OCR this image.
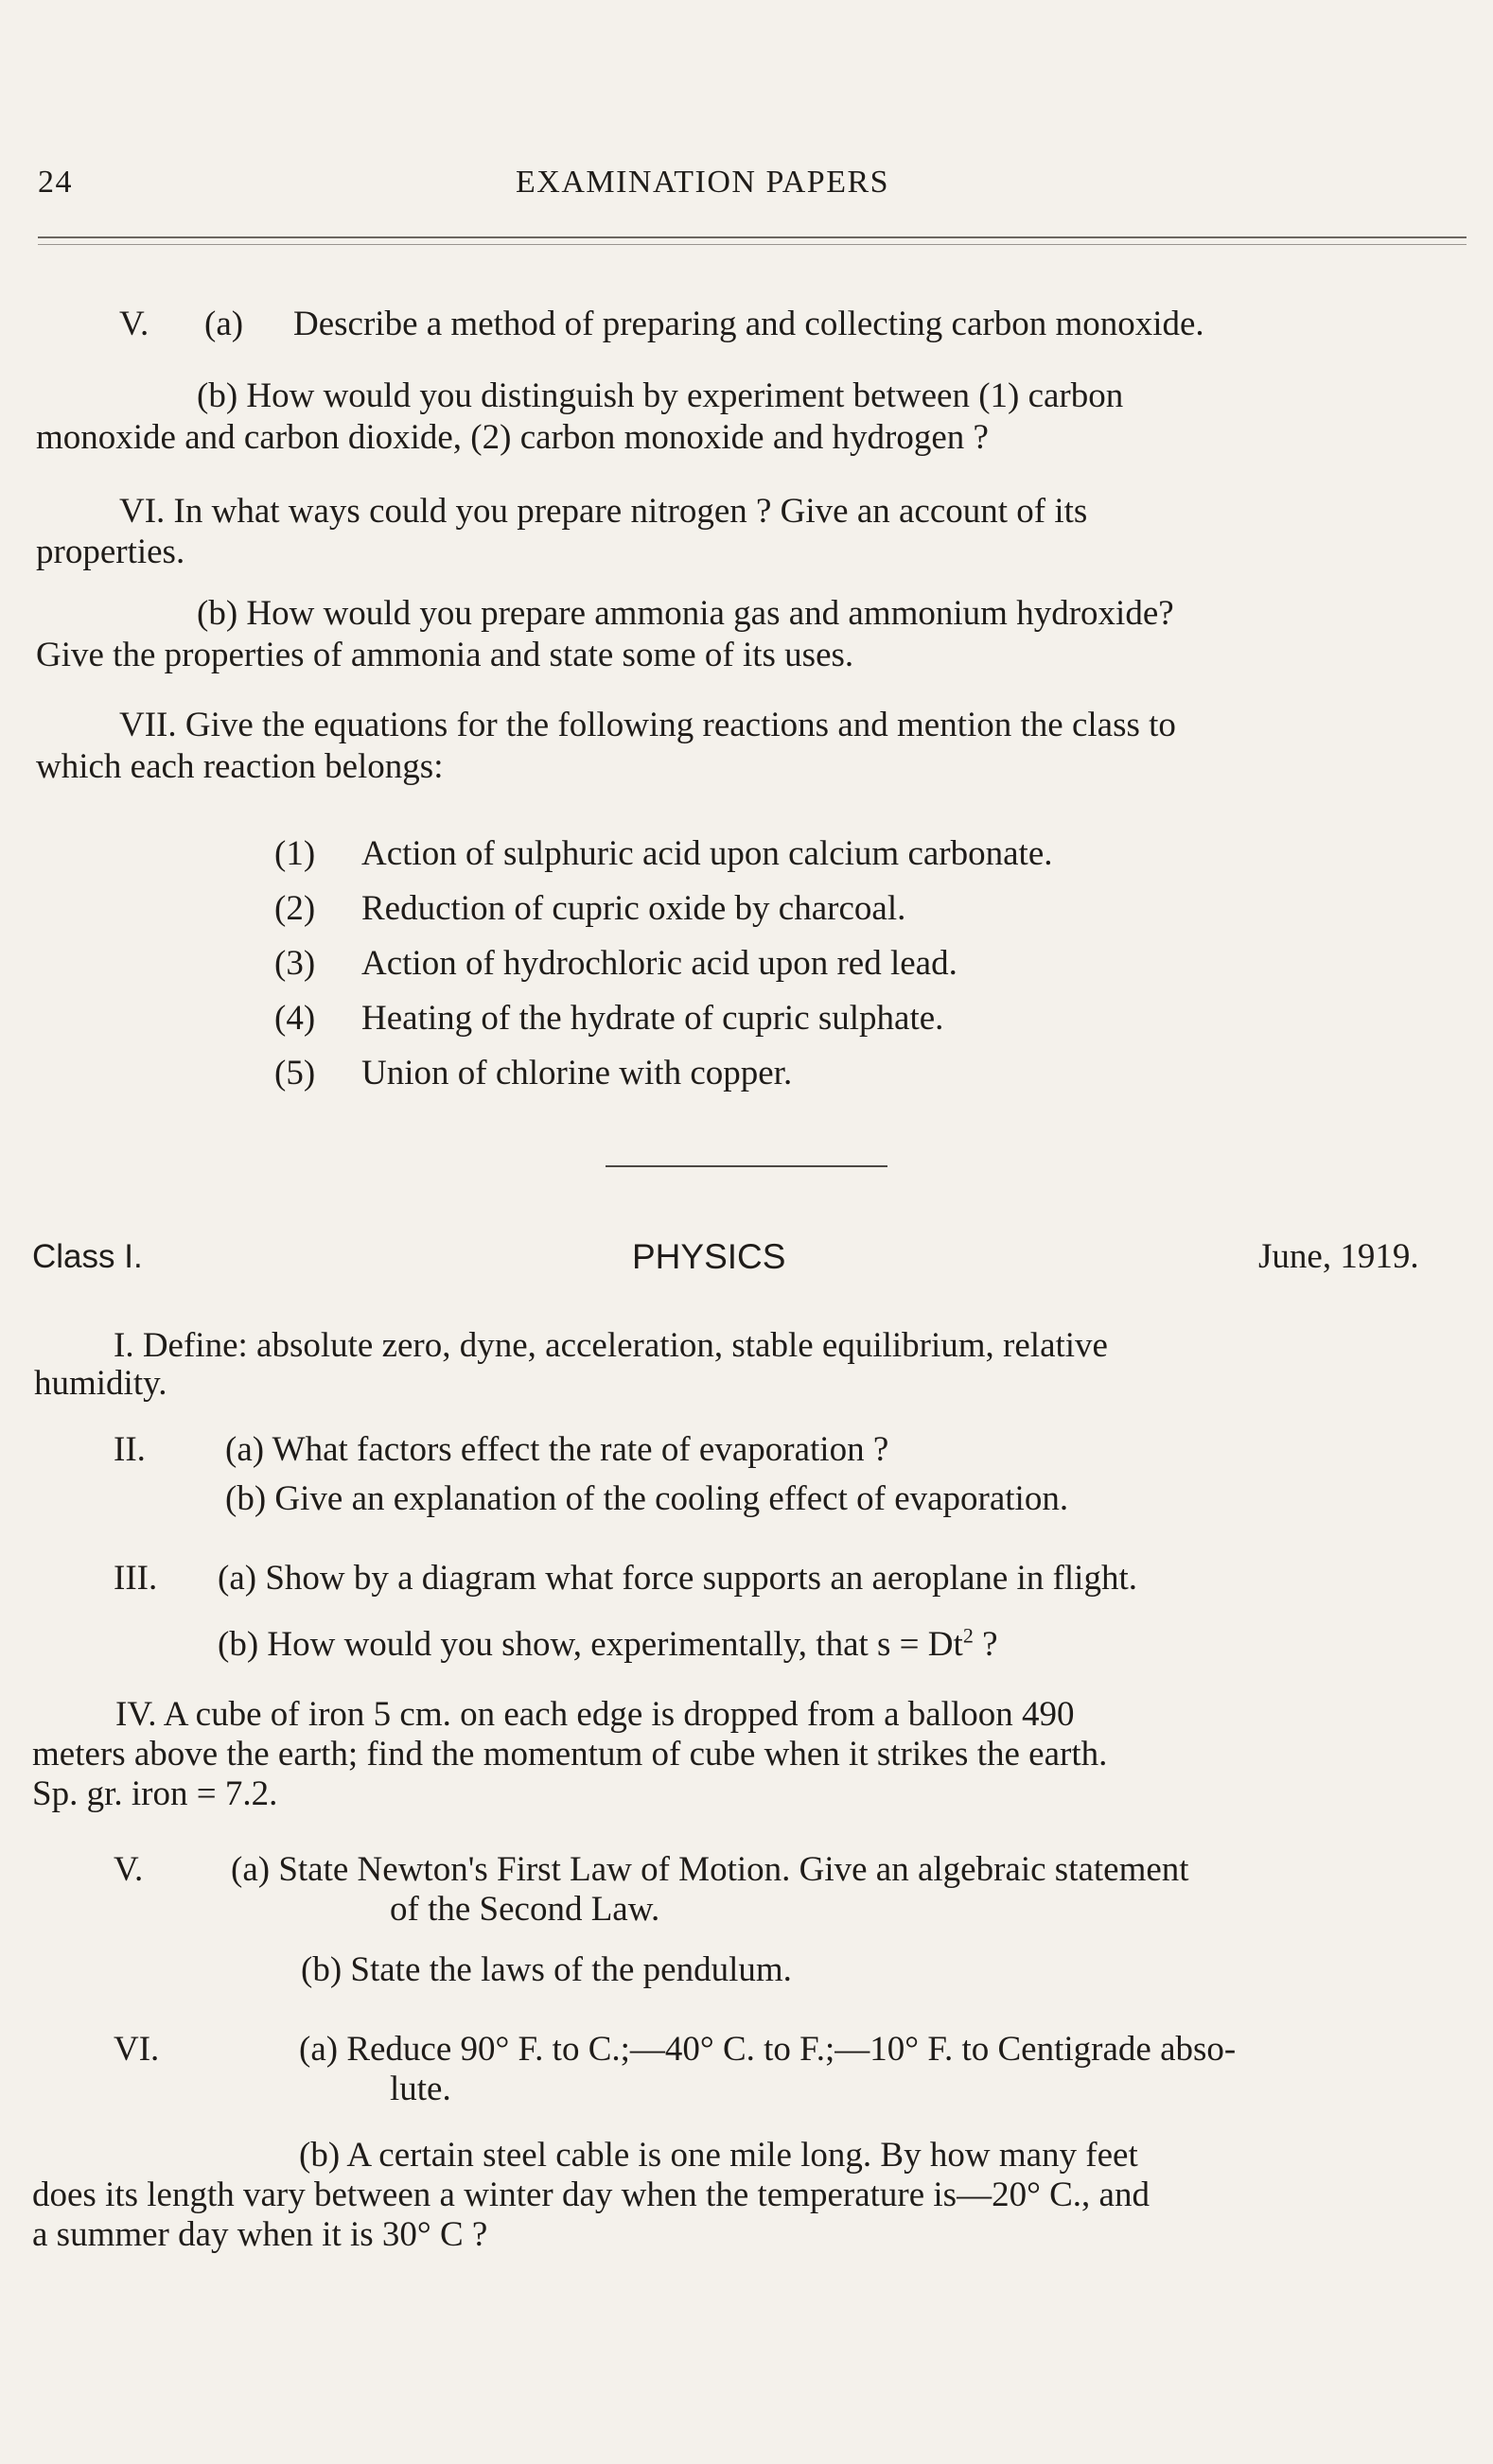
24	EXAMINATION PAPERS
V. (a) Describe a method of preparing and collecting carbon monoxide.
(b) How would you distinguish by experiment between (1) carbon
monoxide and carbon dioxide, (2) carbon monoxide and hydrogen ?
VI. In what ways could you prepare nitrogen ? Give an account of its
properties.
(b) How would you prepare ammonia gas and ammonium hydroxide?
Give the properties of ammonia and state some of its uses.
VII. Give the equations for the following reactions and mention the class to
which each reaction belongs:
(1) Action of sulphuric acid upon calcium carbonate.
(2) Reduction of cupric oxide by charcoal.
(3) Action of hydrochloric acid upon red lead.
(4) Heating of the hydrate of cupric sulphate.
(5) Union of chlorine with copper.
Class I.	PHYSICS	June, 1919.
I. Define: absolute zero, dyne, acceleration, stable equilibrium, relative
humidity.
II. (a) What factors effect the rate of evaporation ?
(b) Give an explanation of the cooling effect of evaporation.
III. (a) Show by a diagram what force supports an aeroplane in flight.
(b) How would you show, experimentally, that $s = Dt^2$ ?
IV. A cube of iron 5 cm. on each edge is dropped from a balloon 490
meters above the earth; find the momentum of cube when it strikes the earth.
Sp. gr. iron = 7.2.
V.	(a) State Newton's First Law of Motion. Give an algebraic statement
of the Second Law.
(b) State the laws of the pendulum.
VI.	(a) Reduce 90° F. to C.;—40° C. to F.;—10° F. to Centigrade abso-
lute.
(b) A certain steel cable is one mile long. By how many feet
does its length vary between a winter day when the temperature is—20° C., and
a summer day when it is 30° C ?
